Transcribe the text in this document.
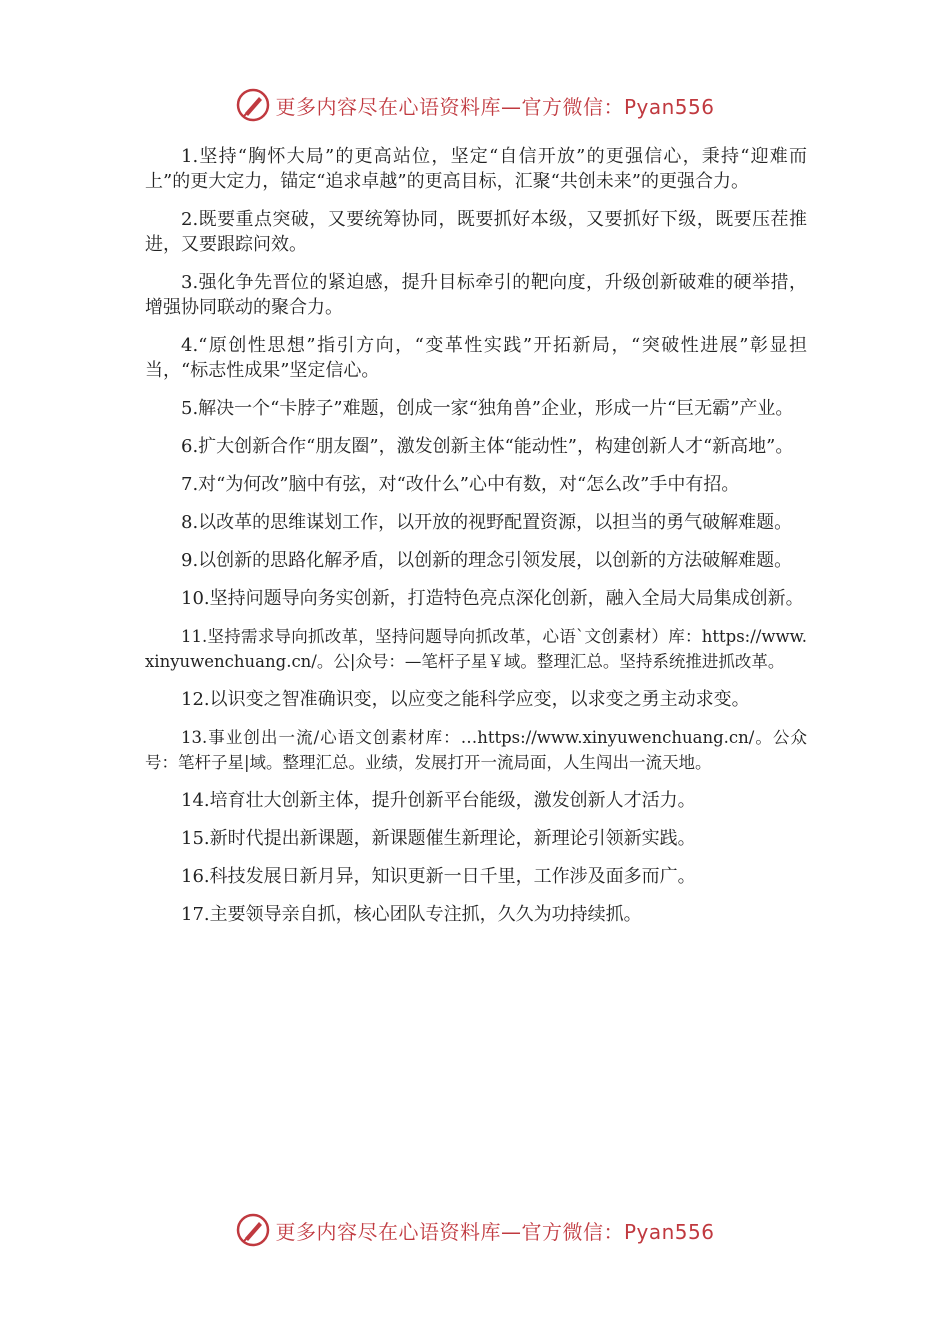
更多内容尽在心语资料库—官方微信：Pyan556

1.坚持“胸怀大局”的更高站位，坚定“自信开放”的更强信心，秉持“迎难而上”的更大定力，锚定“追求卓越”的更高目标，汇聚“共创未来”的更强合力。

2.既要重点突破，又要统筹协同，既要抓好本级，又要抓好下级，既要压茬推进，又要跟踪问效。

3.强化争先晋位的紧迫感，提升目标牵引的靶向度，升级创新破难的硬举措，增强协同联动的聚合力。

4.“原创性思想”指引方向，“变革性实践”开拓新局，“突破性进展”彰显担当，“标志性成果”坚定信心。

5.解决一个“卡脖子”难题，创成一家“独角兽”企业，形成一片“巨无霸”产业。

6.扩大创新合作“朋友圈”，激发创新主体“能动性”，构建创新人才“新高地”。

7.对“为何改”脑中有弦，对“改什么”心中有数，对“怎么改”手中有招。

8.以改革的思维谋划工作，以开放的视野配置资源，以担当的勇气破解难题。

9.以创新的思路化解矛盾，以创新的理念引领发展，以创新的方法破解难题。

10.坚持问题导向务实创新，打造特色亮点深化创新，融入全局大局集成创新。

11.坚持需求导向抓改革，坚持问题导向抓改革，心语`文创素材）库：https://www.xinyuwenchuang.cn/。公|众号：—笔杆子星￥域。整理汇总。坚持系统推进抓改革。

12.以识变之智准确识变，以应变之能科学应变，以求变之勇主动求变。

13.事业创出一流/心语文创素材库：…https://www.xinyuwenchuang.cn/。公众号：笔杆子星|域。整理汇总。业绩，发展打开一流局面，人生闯出一流天地。

14.培育壮大创新主体，提升创新平台能级，激发创新人才活力。

15.新时代提出新课题，新课题催生新理论，新理论引领新实践。

16.科技发展日新月异，知识更新一日千里，工作涉及面多而广。

17.主要领导亲自抓，核心团队专注抓，久久为功持续抓。

更多内容尽在心语资料库—官方微信：Pyan556
